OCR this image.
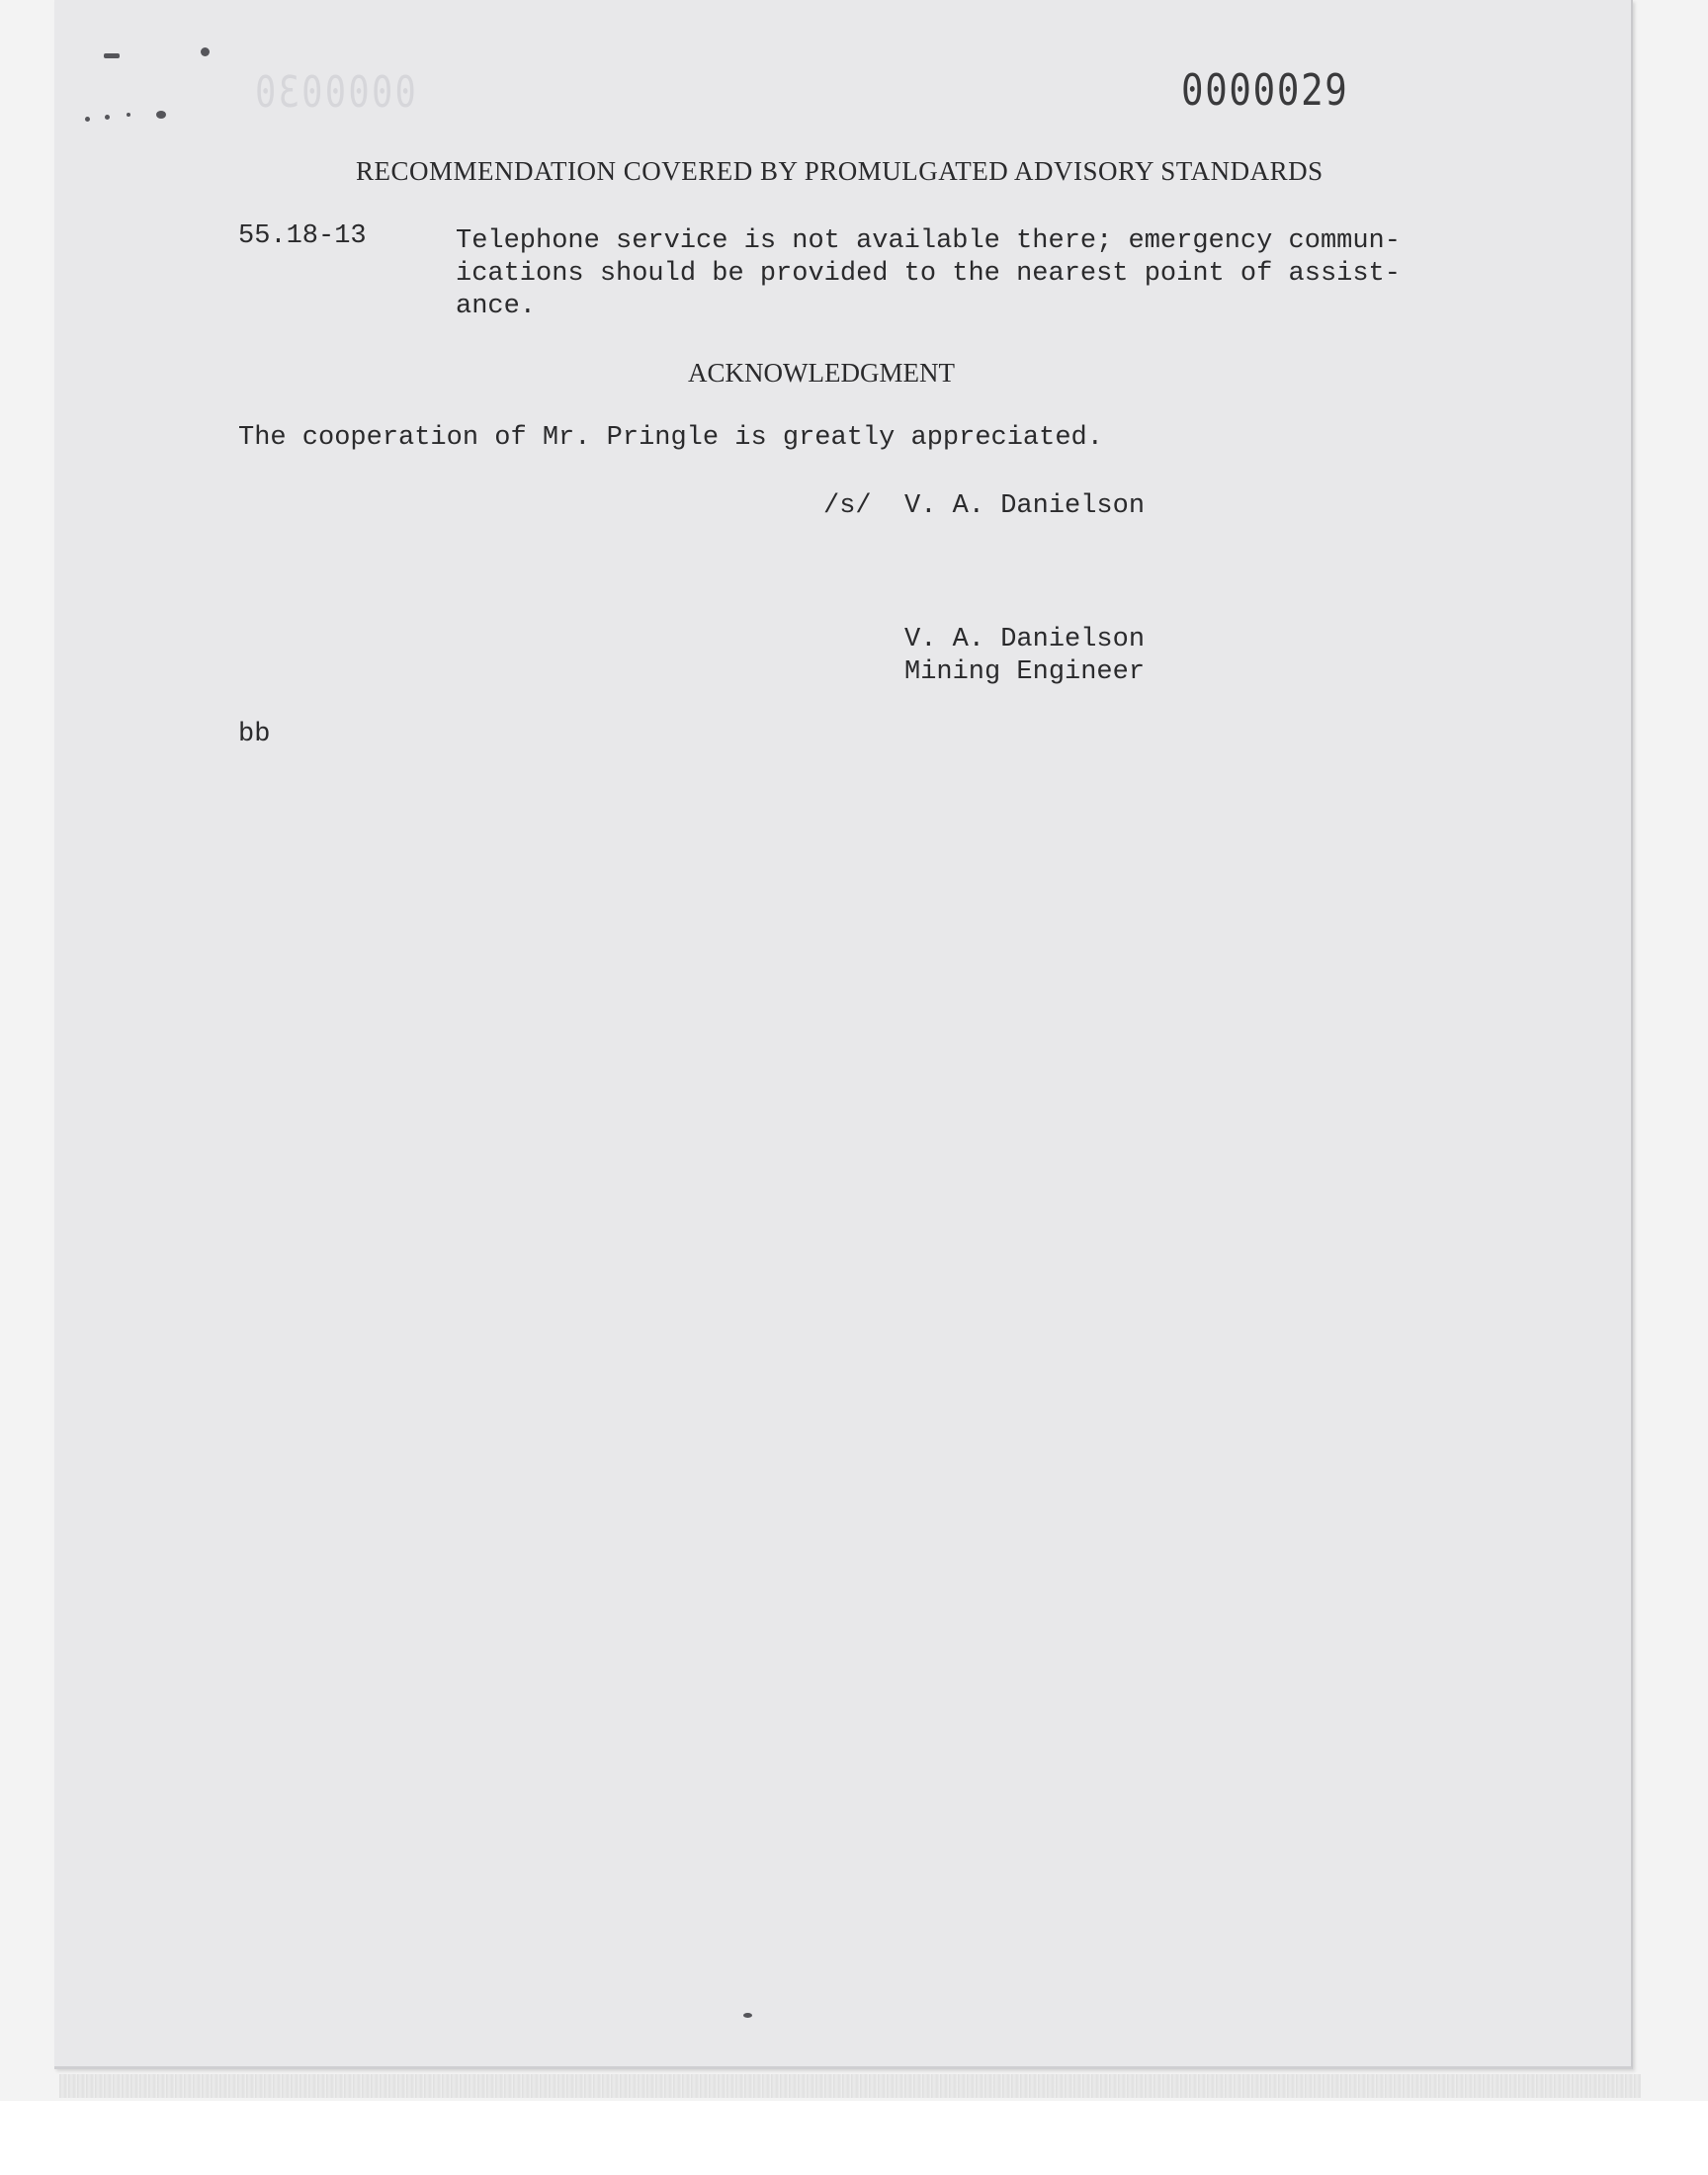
0000030	0000029
RECOMMENDATION COVERED BY PROMULGATED ADVISORY STANDARDS
55.18-13	Telephone service is not available there; emergency commun-
ications should be provided to the nearest point of assist-
ance.
ACKNOWLEDGMENT
The cooperation of Mr. Pringle is greatly appreciated.
/s/ V. A. Danielson
V. A. Danielson
Mining Engineer
bb
